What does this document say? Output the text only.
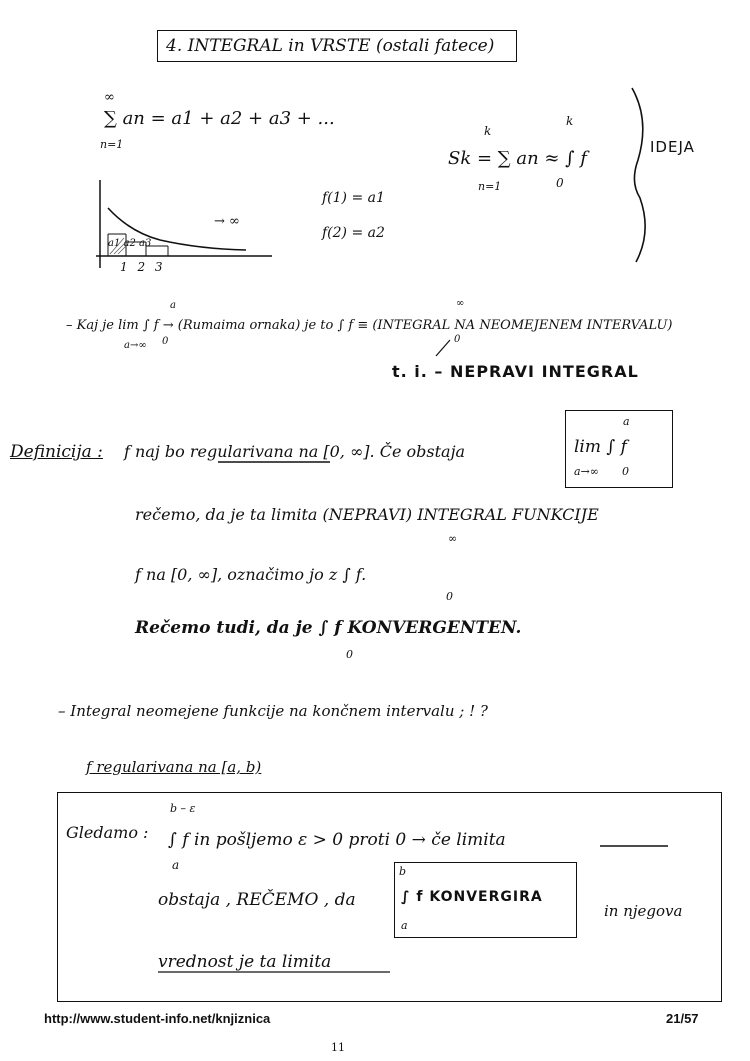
4. INTEGRAL in VRSTE (ostali fatece)
∞
∑ an = a1 + a2 + a3 + ...
n=1
k
Sk = ∑ an ≈ ∫ f
n=1
k
0
IDEJA
f(1) = a1
f(2) = a2
→ ∞
1 2 3
a1 a2 a3
– Kaj je lim ∫ f → (Rumaima ornaka) je to ∫ f ≡ (INTEGRAL NA NEOMEJENEM INTERVALU)
a→∞
a
0
∞
0
t. i. – NEPRAVI INTEGRAL
Definicija : f naj bo regularivana na [0, ∞]. Če obstaja
a
lim ∫ f
a→∞ 0
rečemo, da je ta limita (NEPRAVI) INTEGRAL FUNKCIJE
f na [0, ∞], označimo jo z ∫ f.
∞
0
Rečemo tudi, da je ∫ f KONVERGENTEN.
0
– Integral neomejene funkcije na končnem intervalu ; ! ?
f regularivana na [a, b)
Gledamo :
b – ε
∫ f in pošljemo ε > 0 proti 0 → če limita
a
obstaja , REČEMO , da
b
∫ f KONVERGIRA
a
in njegova
vrednost je ta limita
http://www.student-info.net/knjiznica	21/57
11
